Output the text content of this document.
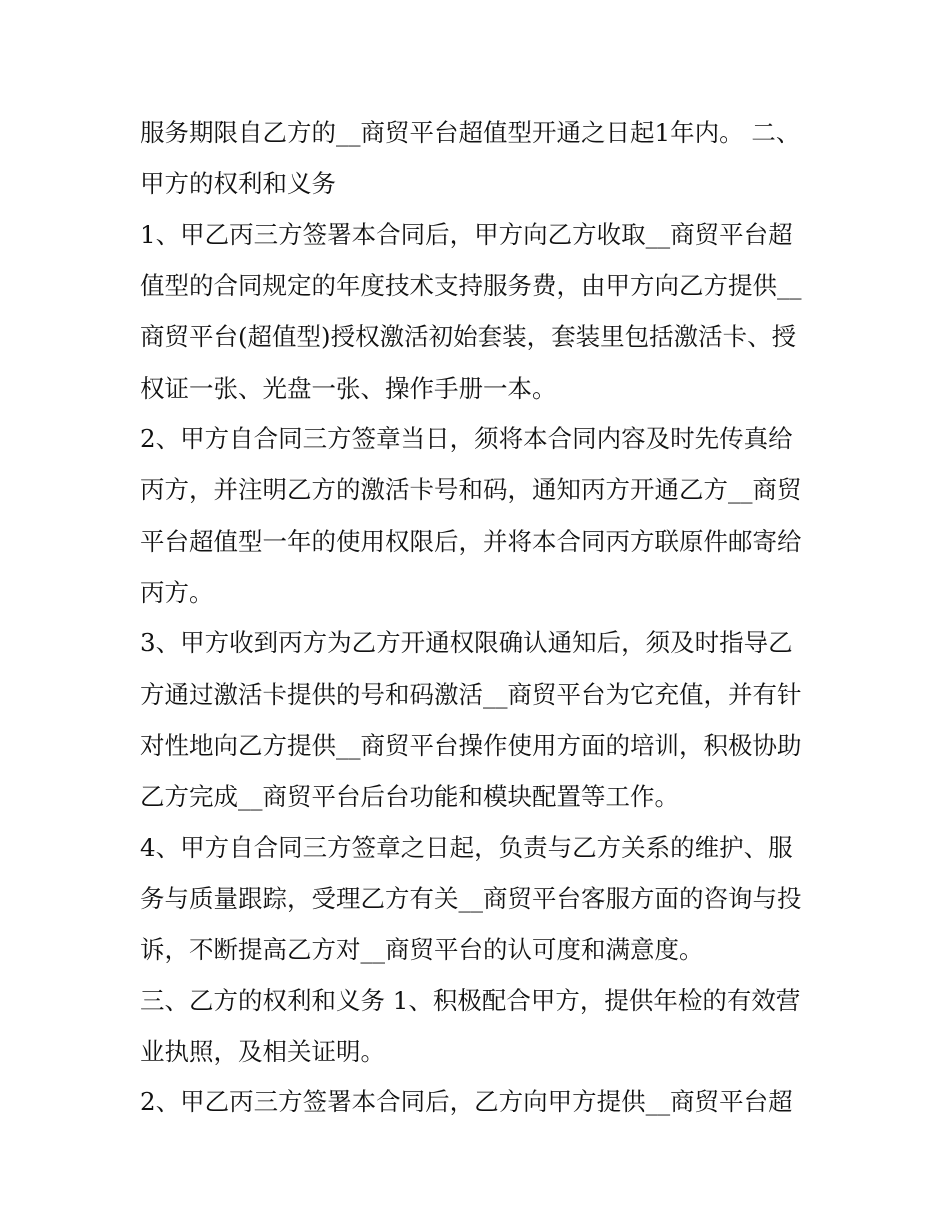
服务期限自乙方的__商贸平台超值型开通之日起1年内。 二、
甲方的权利和义务
1、甲乙丙三方签署本合同后，甲方向乙方收取__商贸平台超
值型的合同规定的年度技术支持服务费，由甲方向乙方提供__
商贸平台(超值型)授权激活初始套装，套装里包括激活卡、授
权证一张、光盘一张、操作手册一本。
2、甲方自合同三方签章当日，须将本合同内容及时先传真给
丙方，并注明乙方的激活卡号和码，通知丙方开通乙方__商贸
平台超值型一年的使用权限后，并将本合同丙方联原件邮寄给
丙方。
3、甲方收到丙方为乙方开通权限确认通知后，须及时指导乙
方通过激活卡提供的号和码激活__商贸平台为它充值，并有针
对性地向乙方提供__商贸平台操作使用方面的培训，积极协助
乙方完成__商贸平台后台功能和模块配置等工作。
4、甲方自合同三方签章之日起，负责与乙方关系的维护、服
务与质量跟踪，受理乙方有关__商贸平台客服方面的咨询与投
诉，不断提高乙方对__商贸平台的认可度和满意度。
三、乙方的权利和义务 1、积极配合甲方，提供年检的有效营
业执照，及相关证明。
2、甲乙丙三方签署本合同后，乙方向甲方提供__商贸平台超
